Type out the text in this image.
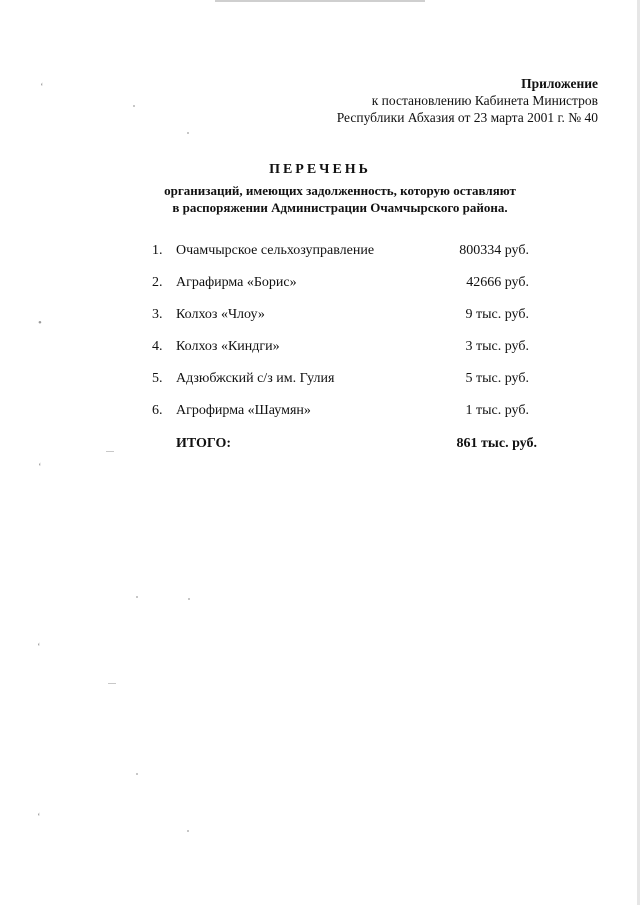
Приложение
к постановлению Кабинета Министров
Республики Абхазия от 23 марта 2001 г. № 40
ПЕРЕЧЕНЬ
организаций, имеющих задолженность, которую оставляют
в распоряжении Администрации Очамчырского района.
1. Очамчырское сельхозуправление	800334 руб.
2. Аграфирма «Борис»	42666 руб.
3. Колхоз «Члоу»	9 тыс. руб.
4. Колхоз «Киндги»	3 тыс. руб.
5. Адзюбжский с/з им. Гулия	5 тыс. руб.
6. Агрофирма «Шаумян»	1 тыс. руб.
ИТОГО:	861 тыс. руб.
‘
•
‘
‘
‘
